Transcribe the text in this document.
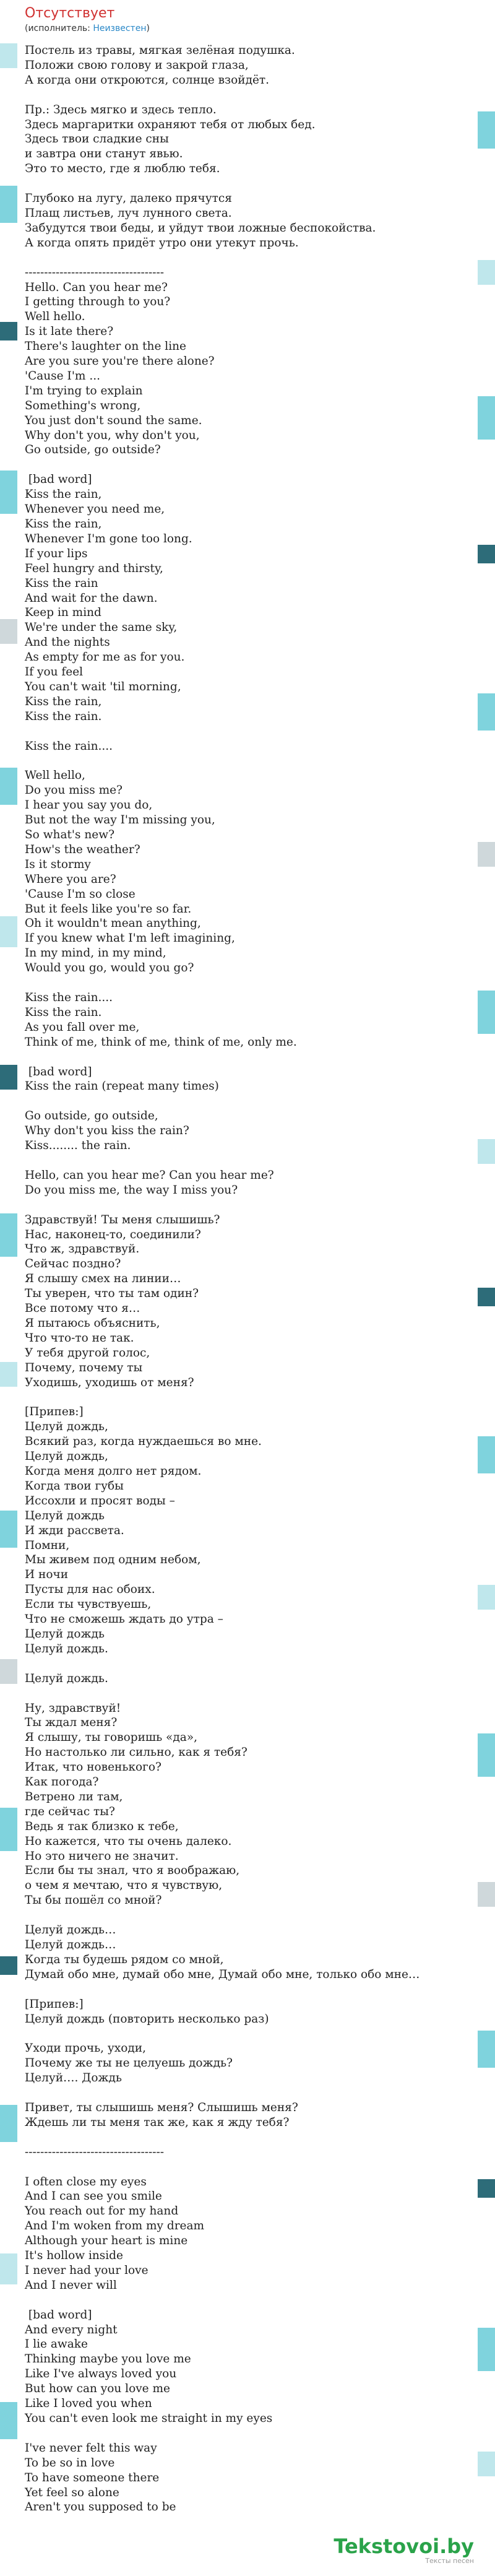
Отсутствует
(исполнитель: Неизвестен)
Постель из травы, мягкая зелёная подушка.
Положи свою голову и закрой глаза,
А когда они откроются, солнце взойдёт.

Пр.: Здесь мягко и здесь тепло.
Здесь маргаритки охраняют тебя от любых бед.
Здесь твои сладкие сны
и завтра они станут явью.
Это то место, где я люблю тебя.

Глубоко на лугу, далеко прячутся
Плащ листьев, луч лунного света.
Забудутся твои беды, и уйдут твои ложные беспокойства.
А когда опять придёт утро они утекут прочь.

------------------------------------
Hello. Can you hear me?
I getting through to you?
Well hello.
Is it late there?
There's laughter on the line
Are you sure you're there alone?
'Cause I'm ...
I'm trying to explain
Something's wrong,
You just don't sound the same.
Why don't you, why don't you,
Go outside, go outside?

[bad word]
Kiss the rain,
Whenever you need me,
Kiss the rain,
Whenever I'm gone too long.
If your lips
Feel hungry and thirsty,
Kiss the rain
And wait for the dawn.
Keep in mind
We're under the same sky,
And the nights
As empty for me as for you.
If you feel
You can't wait 'til morning,
Kiss the rain,
Kiss the rain.

Kiss the rain....

Well hello,
Do you miss me?
I hear you say you do,
But not the way I'm missing you,
So what's new?
How's the weather?
Is it stormy
Where you are?
'Cause I'm so close
But it feels like you're so far.
Oh it wouldn't mean anything,
If you knew what I'm left imagining,
In my mind, in my mind,
Would you go, would you go?

Kiss the rain....
Kiss the rain.
As you fall over me,
Think of me, think of me, think of me, only me.

[bad word]
Kiss the rain (repeat many times)

Go outside, go outside,
Why don't you kiss the rain?
Kiss........ the rain.

Hello, can you hear me? Can you hear me?
Do you miss me, the way I miss you?

Здравствуй! Ты меня слышишь?
Нас, наконец-то, соединили?
Что ж, здравствуй.
Сейчас поздно?
Я слышу смех на линии…
Ты уверен, что ты там один?
Все потому что я…
Я пытаюсь объяснить,
Что что-то не так.
У тебя другой голос,
Почему, почему ты
Уходишь, уходишь от меня?

[Припев:]
Целуй дождь,
Всякий раз, когда нуждаешься во мне.
Целуй дождь,
Когда меня долго нет рядом.
Когда твои губы
Иссохли и просят воды –
Целуй дождь
И жди рассвета.
Помни,
Мы живем под одним небом,
И ночи
Пусты для нас обоих.
Если ты чувствуешь,
Что не сможешь ждать до утра –
Целуй дождь
Целуй дождь.

Целуй дождь.

Ну, здравствуй!
Ты ждал меня?
Я слышу, ты говоришь «да»,
Но настолько ли сильно, как я тебя?
Итак, что новенького?
Как погода?
Ветрено ли там,
где сейчас ты?
Ведь я так близко к тебе,
Но кажется, что ты очень далеко.
Но это ничего не значит.
Если бы ты знал, что я воображаю,
о чем я мечтаю, что я чувствую,
Ты бы пошёл со мной?

Целуй дождь…
Целуй дождь…
Когда ты будешь рядом со мной,
Думай обо мне, думай обо мне, Думай обо мне, только обо мне…

[Припев:]
Целуй дождь (повторить несколько раз)

Уходи прочь, уходи,
Почему же ты не целуешь дождь?
Целуй…. Дождь

Привет, ты слышишь меня? Слышишь меня?
Ждешь ли ты меня так же, как я жду тебя?

------------------------------------

I often close my eyes
And I can see you smile
You reach out for my hand
And I'm woken from my dream
Although your heart is mine
It's hollow inside
I never had your love
And I never will

[bad word]
And every night
I lie awake
Thinking maybe you love me
Like I've always loved you
But how can you love me
Like I loved you when
You can't even look me straight in my eyes

I've never felt this way
To be so in love
To have someone there
Yet feel so alone
Aren't you supposed to be
Tekstovoi.by
Тексты песен
